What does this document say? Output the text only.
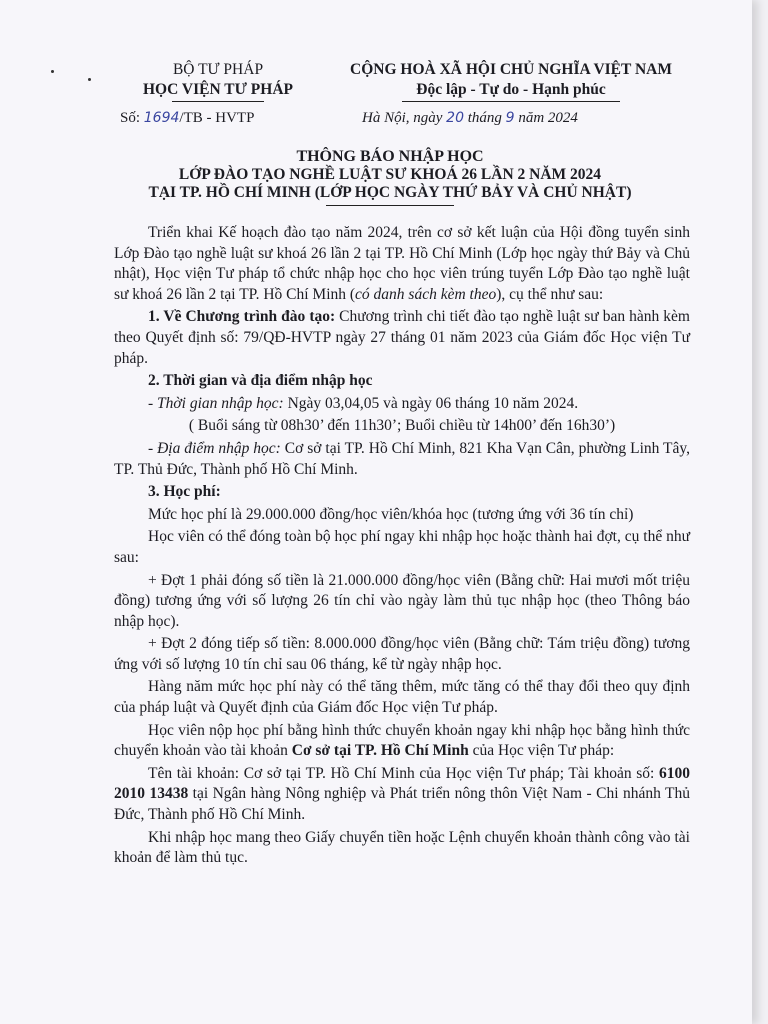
BỘ TƯ PHÁP
HỌC VIỆN TƯ PHÁP
CỘNG HOÀ XÃ HỘI CHỦ NGHĨA VIỆT NAM
Độc lập - Tự do - Hạnh phúc
Số: 1694/TB - HVTP	Hà Nội, ngày 20 tháng 9 năm 2024
THÔNG BÁO NHẬP HỌC
LỚP ĐÀO TẠO NGHỀ LUẬT SƯ KHOÁ 26 LẦN 2 NĂM 2024
TẠI TP. HỒ CHÍ MINH (LỚP HỌC NGÀY THỨ BẢY VÀ CHỦ NHẬT)

Triển khai Kế hoạch đào tạo năm 2024, trên cơ sở kết luận của Hội đồng tuyển sinh Lớp Đào tạo nghề luật sư khoá 26 lần 2 tại TP. Hồ Chí Minh (Lớp học ngày thứ Bảy và Chủ nhật), Học viện Tư pháp tổ chức nhập học cho học viên trúng tuyển Lớp Đào tạo nghề luật sư khoá 26 lần 2 tại TP. Hồ Chí Minh (có danh sách kèm theo), cụ thể như sau:

1. Về Chương trình đào tạo: Chương trình chi tiết đào tạo nghề luật sư ban hành kèm theo Quyết định số: 79/QĐ-HVTP ngày 27 tháng 01 năm 2023 của Giám đốc Học viện Tư pháp.

2. Thời gian và địa điểm nhập học

- Thời gian nhập học: Ngày 03,04,05 và ngày 06 tháng 10 năm 2024.

( Buổi sáng từ 08h30’ đến 11h30’; Buổi chiều từ 14h00’ đến 16h30’)

- Địa điểm nhập học: Cơ sở tại TP. Hồ Chí Minh, 821 Kha Vạn Cân, phường Linh Tây, TP. Thủ Đức, Thành phố Hồ Chí Minh.

3. Học phí:

Mức học phí là 29.000.000 đồng/học viên/khóa học (tương ứng với 36 tín chỉ)

Học viên có thể đóng toàn bộ học phí ngay khi nhập học hoặc thành hai đợt, cụ thể như sau:

+ Đợt 1 phải đóng số tiền là 21.000.000 đồng/học viên (Bằng chữ: Hai mươi mốt triệu đồng) tương ứng với số lượng 26 tín chỉ vào ngày làm thủ tục nhập học (theo Thông báo nhập học).

+ Đợt 2 đóng tiếp số tiền: 8.000.000 đồng/học viên (Bằng chữ: Tám triệu đồng) tương ứng với số lượng 10 tín chỉ sau 06 tháng, kể từ ngày nhập học.

Hàng năm mức học phí này có thể tăng thêm, mức tăng có thể thay đổi theo quy định của pháp luật và Quyết định của Giám đốc Học viện Tư pháp.

Học viên nộp học phí bằng hình thức chuyển khoản ngay khi nhập học bằng hình thức chuyển khoản vào tài khoản Cơ sở tại TP. Hồ Chí Minh của Học viện Tư pháp:

Tên tài khoản: Cơ sở tại TP. Hồ Chí Minh của Học viện Tư pháp; Tài khoản số: 6100 2010 13438 tại Ngân hàng Nông nghiệp và Phát triển nông thôn Việt Nam - Chi nhánh Thủ Đức, Thành phố Hồ Chí Minh.

Khi nhập học mang theo Giấy chuyển tiền hoặc Lệnh chuyển khoản thành công vào tài khoản để làm thủ tục.
